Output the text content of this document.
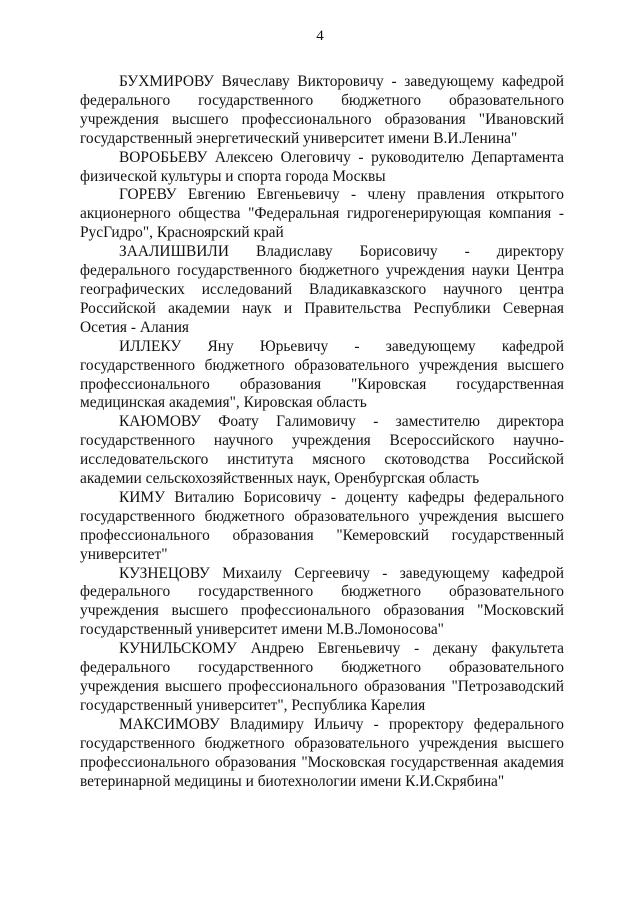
4

БУХМИРОВУ Вячеславу Викторовичу - заведующему кафедрой федерального государственного бюджетного образовательного учреждения высшего профессионального образования "Ивановский государственный энергетический университет имени В.И.Ленина"

ВОРОБЬЕВУ Алексею Олеговичу - руководителю Департамента физической культуры и спорта города Москвы

ГОРЕВУ Евгению Евгеньевичу - члену правления открытого акционерного общества "Федеральная гидрогенерирующая компания - РусГидро", Красноярский край

ЗААЛИШВИЛИ Владиславу Борисовичу - директору федерального государственного бюджетного учреждения науки Центра географических исследований Владикавказского научного центра Российской академии наук и Правительства Республики Северная Осетия - Алания

ИЛЛЕКУ Яну Юрьевичу - заведующему кафедрой государственного бюджетного образовательного учреждения высшего профессионального образования "Кировская государственная медицинская академия", Кировская область

КАЮМОВУ Фоату Галимовичу - заместителю директора государственного научного учреждения Всероссийского научно-исследовательского института мясного скотоводства Российской академии сельскохозяйственных наук, Оренбургская область

КИМУ Виталию Борисовичу - доценту кафедры федерального государственного бюджетного образовательного учреждения высшего профессионального образования "Кемеровский государственный университет"

КУЗНЕЦОВУ Михаилу Сергеевичу - заведующему кафедрой федерального государственного бюджетного образовательного учреждения высшего профессионального образования "Московский государственный университет имени М.В.Ломоносова"

КУНИЛЬСКОМУ Андрею Евгеньевичу - декану факультета федерального государственного бюджетного образовательного учреждения высшего профессионального образования "Петрозаводский государственный университет", Республика Карелия

МАКСИМОВУ Владимиру Ильичу - проректору федерального государственного бюджетного образовательного учреждения высшего профессионального образования "Московская государственная академия ветеринарной медицины и биотехнологии имени К.И.Скрябина"
